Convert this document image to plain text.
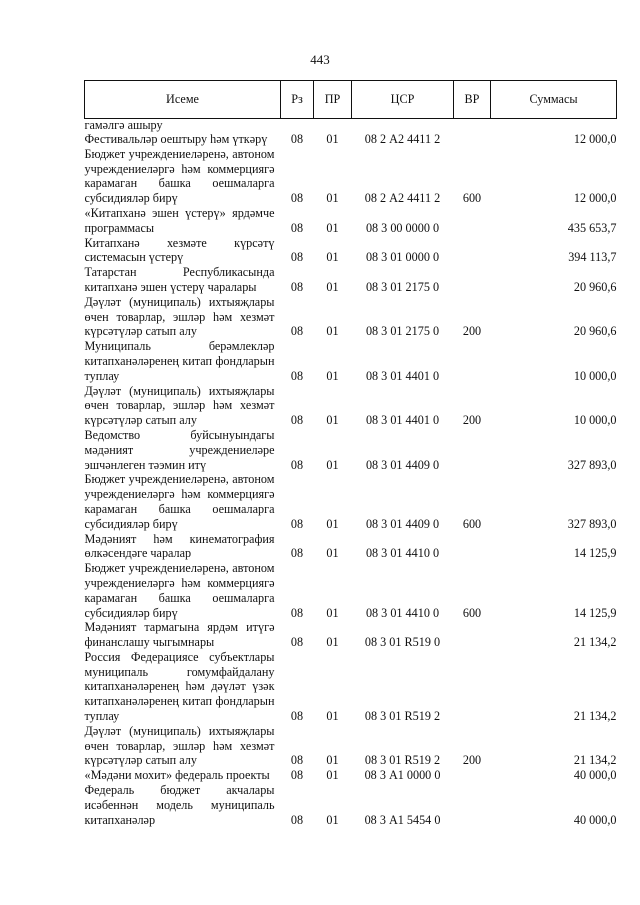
443
Исеме	Рз	ПР	ЦСР	ВР	Суммасы
гамәлгә ашыру					
Фестивальләр оештыру һәм үткәрү	08	01	08 2 А2 4411 2		12 000,0
Бюджет учреждениеләренә, автоном учреждениеләргә һәм коммерциягә карамаган башка оешмаларга субсидияләр бирү	08	01	08 2 А2 4411 2	600	12 000,0
«Китапханә эшен үстерү» ярдәмче программасы	08	01	08 3 00 0000 0		435 653,7
Китапханә хезмәте күрсәтү системасын үстерү	08	01	08 3 01 0000 0		394 113,7
Татарстан Республикасында китапханә эшен үстерү чаралары	08	01	08 3 01 2175 0		20 960,6
Дәүләт (муниципаль) ихтыяҗлары өчен товарлар, эшләр һәм хезмәт күрсәтүләр сатып алу	08	01	08 3 01 2175 0	200	20 960,6
Муниципаль берәмлекләр китапханәләренең китап фондларын туплау	08	01	08 3 01 4401 0		10 000,0
Дәүләт (муниципаль) ихтыяҗлары өчен товарлар, эшләр һәм хезмәт күрсәтүләр сатып алу	08	01	08 3 01 4401 0	200	10 000,0
Ведомство буйсынуындагы мәдәният учреждениеләре эшчәнлеген тәэмин итү	08	01	08 3 01 4409 0		327 893,0
Бюджет учреждениеләренә, автоном учреждениеләргә һәм коммерциягә карамаган башка оешмаларга субсидияләр бирү	08	01	08 3 01 4409 0	600	327 893,0
Мәдәният һәм кинематография өлкәсендәге чаралар	08	01	08 3 01 4410 0		14 125,9
Бюджет учреждениеләренә, автоном учреждениеләргә һәм коммерциягә карамаган башка оешмаларга субсидияләр бирү	08	01	08 3 01 4410 0	600	14 125,9
Мәдәният тармагына ярдәм итүгә финанслашу чыгымнары	08	01	08 3 01 R519 0		21 134,2
Россия Федерациясе субъектлары муниципаль гомумфайдалану китапханәләренең һәм дәүләт үзәк китапханәләренең китап фондларын туплау	08	01	08 3 01 R519 2		21 134,2
Дәүләт (муниципаль) ихтыяҗлары өчен товарлар, эшләр һәм хезмәт күрсәтүләр сатып алу	08	01	08 3 01 R519 2	200	21 134,2
«Мәдәни мохит» федераль проекты	08	01	08 3 А1 0000 0		40 000,0
Федераль бюджет акчалары исәбеннән модель муниципаль китапханәләр	08	01	08 3 А1 5454 0		40 000,0
